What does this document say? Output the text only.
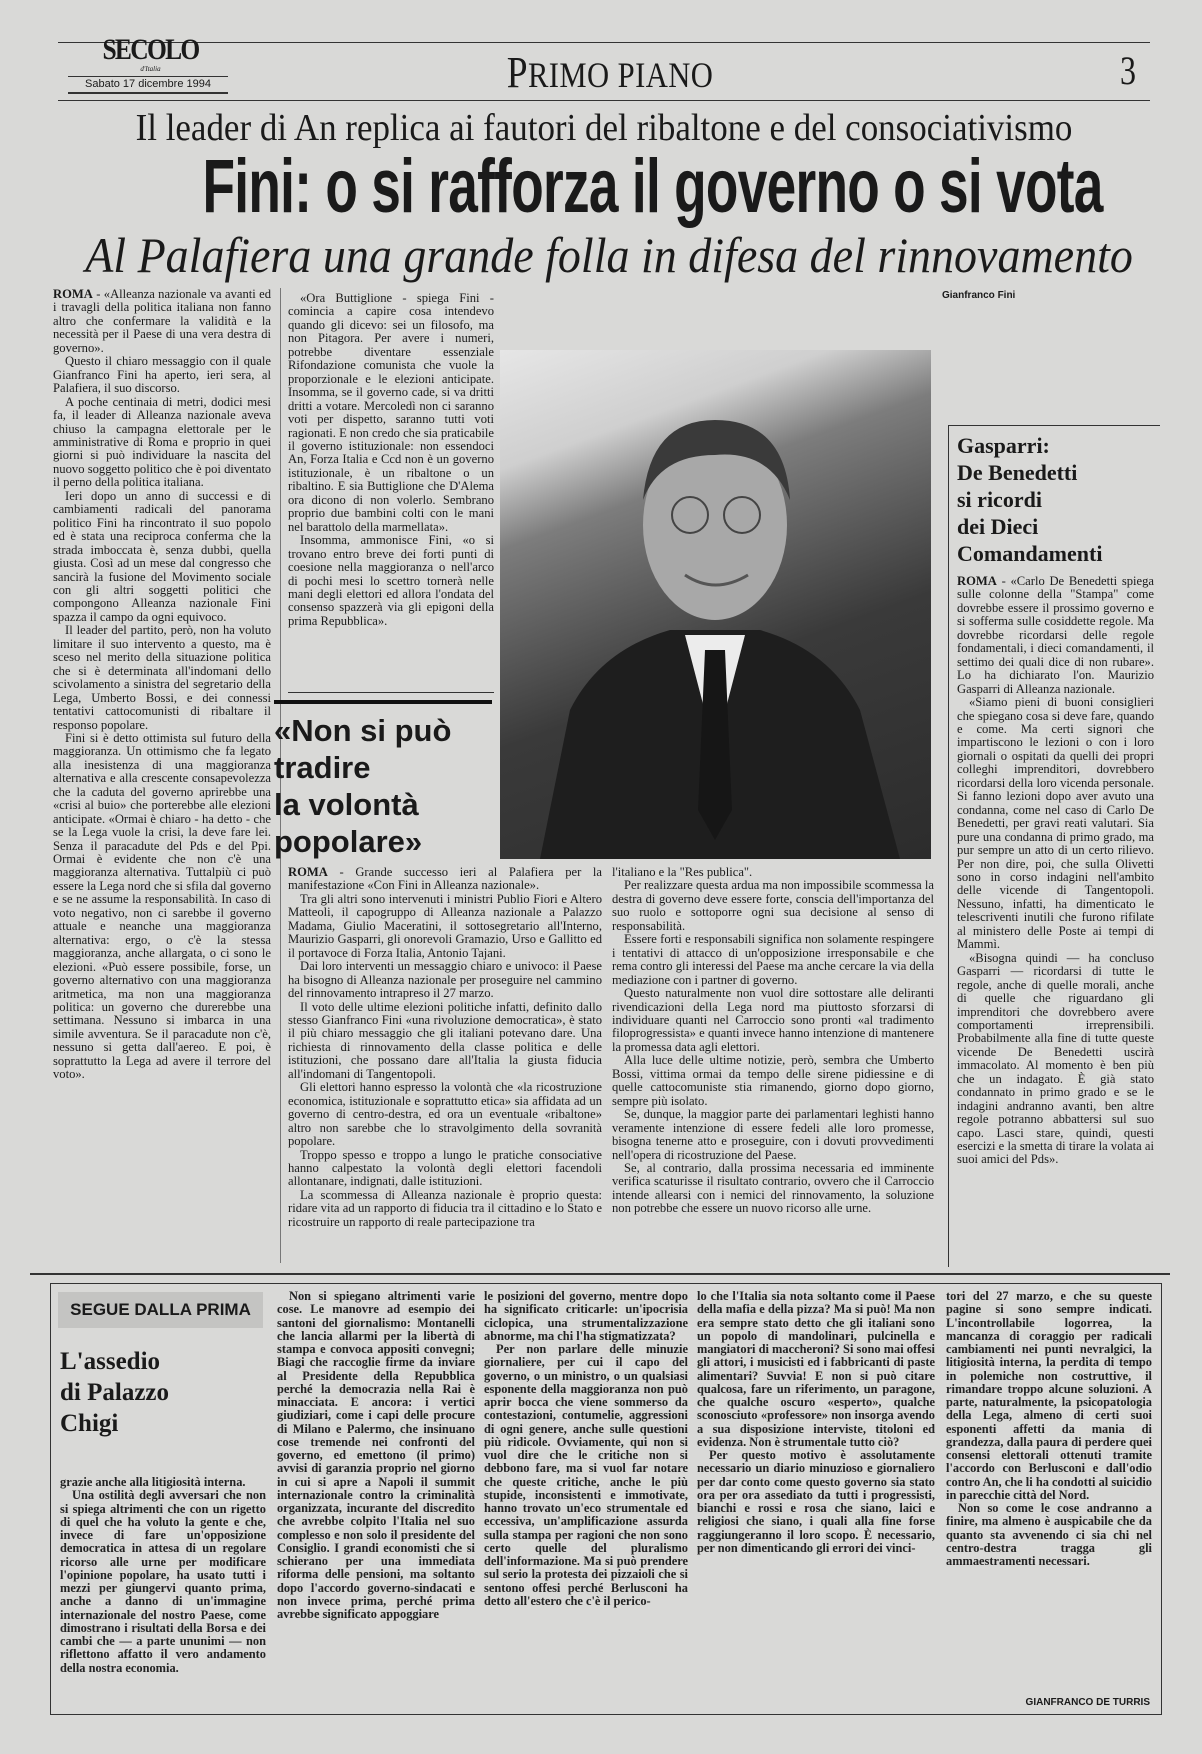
SECOLO
d'Italia
Sabato 17 dicembre 1994	PRIMO PIANO	3
Il leader di An replica ai fautori del ribaltone e del consociativismo
Fini: o si rafforza il governo o si vota
Al Palafiera una grande folla in difesa del rinnovamento

ROMA - «Alleanza nazionale va avanti ed i travagli della politica italiana non fanno altro che confermare la validità e la necessità per il Paese di una vera destra di governo».

Questo il chiaro messaggio con il quale Gianfranco Fini ha aperto, ieri sera, al Palafiera, il suo discorso.

A poche centinaia di metri, dodici mesi fa, il leader di Alleanza nazionale aveva chiuso la campagna elettorale per le amministrative di Roma e proprio in quei giorni si può individuare la nascita del nuovo soggetto politico che è poi diventato il perno della politica italiana.

Ieri dopo un anno di successi e di cambiamenti radicali del panorama politico Fini ha rincontrato il suo popolo ed è stata una reciproca conferma che la strada imboccata è, senza dubbi, quella giusta. Così ad un mese dal congresso che sancirà la fusione del Movimento sociale con gli altri soggetti politici che compongono Alleanza nazionale Fini spazza il campo da ogni equivoco.

Il leader del partito, però, non ha voluto limitare il suo intervento a questo, ma è sceso nel merito della situazione politica che si è determinata all'indomani dello scivolamento a sinistra del segretario della Lega, Umberto Bossi, e dei connessi tentativi cattocomunisti di ribaltare il responso popolare.

Fini si è detto ottimista sul futuro della maggioranza. Un ottimismo che fa legato alla inesistenza di una maggioranza alternativa e alla crescente consapevolezza che la caduta del governo aprirebbe una «crisi al buio» che porterebbe alle elezioni anticipate. «Ormai è chiaro - ha detto - che se la Lega vuole la crisi, la deve fare lei. Senza il paracadute del Pds e del Ppi. Ormai è evidente che non c'è una maggioranza alternativa. Tuttalpiù ci può essere la Lega nord che si sfila dal governo e se ne assume la responsabilità. In caso di voto negativo, non ci sarebbe il governo attuale e neanche una maggioranza alternativa: ergo, o c'è la stessa maggioranza, anche allargata, o ci sono le elezioni. «Può essere possibile, forse, un governo alternativo con una maggioranza aritmetica, ma non una maggioranza politica: un governo che durerebbe una settimana. Nessuno si imbarca in una simile avventura. Se il paracadute non c'è, nessuno si getta dall'aereo. E poi, è soprattutto la Lega ad avere il terrore del voto».

«Ora Buttiglione - spiega Fini - comincia a capire cosa intendevo quando gli dicevo: sei un filosofo, ma non Pitagora. Per avere i numeri, potrebbe diventare essenziale Rifondazione comunista che vuole la proporzionale e le elezioni anticipate. Insomma, se il governo cade, si va dritti dritti a votare. Mercoledì non ci saranno voti per dispetto, saranno tutti voti ragionati. E non credo che sia praticabile il governo istituzionale: non essendoci An, Forza Italia e Ccd non è un governo istituzionale, è un ribaltone o un ribaltino. E sia Buttiglione che D'Alema ora dicono di non volerlo. Sembrano proprio due bambini colti con le mani nel barattolo della marmellata».

Insomma, ammonisce Fini, «o si trovano entro breve dei forti punti di coesione nella maggioranza o nell'arco di pochi mesi lo scettro tornerà nelle mani degli elettori ed allora l'ondata del consenso spazzerà via gli epigoni della prima Repubblica».

Gianfranco Fini
«Non si può
tradire
la volontà
popolare»

ROMA - Grande successo ieri al Palafiera per la manifestazione «Con Fini in Alleanza nazionale».

Tra gli altri sono intervenuti i ministri Publio Fiori e Altero Matteoli, il capogruppo di Alleanza nazionale a Palazzo Madama, Giulio Maceratini, il sottosegretario all'Interno, Maurizio Gasparri, gli onorevoli Gramazio, Urso e Gallitto ed il portavoce di Forza Italia, Antonio Tajani.

Dai loro interventi un messaggio chiaro e univoco: il Paese ha bisogno di Alleanza nazionale per proseguire nel cammino del rinnovamento intrapreso il 27 marzo.

Il voto delle ultime elezioni politiche infatti, definito dallo stesso Gianfranco Fini «una rivoluzione democratica», è stato il più chiaro messaggio che gli italiani potevano dare. Una richiesta di rinnovamento della classe politica e delle istituzioni, che possano dare all'Italia la giusta fiducia all'indomani di Tangentopoli.

Gli elettori hanno espresso la volontà che «la ricostruzione economica, istituzionale e soprattutto etica» sia affidata ad un governo di centro-destra, ed ora un eventuale «ribaltone» altro non sarebbe che lo stravolgimento della sovranità popolare.

Troppo spesso e troppo a lungo le pratiche consociative hanno calpestato la volontà degli elettori facendoli allontanare, indignati, dalle istituzioni.

La scommessa di Alleanza nazionale è proprio questa: ridare vita ad un rapporto di fiducia tra il cittadino e lo Stato e ricostruire un rapporto di reale partecipazione tra

l'italiano e la "Res publica".

Per realizzare questa ardua ma non impossibile scommessa la destra di governo deve essere forte, conscia dell'importanza del suo ruolo e sottoporre ogni sua decisione al senso di responsabilità.

Essere forti e responsabili significa non solamente respingere i tentativi di attacco di un'opposizione irresponsabile e che rema contro gli interessi del Paese ma anche cercare la via della mediazione con i partner di governo.

Questo naturalmente non vuol dire sottostare alle deliranti rivendicazioni della Lega nord ma piuttosto sforzarsi di individuare quanti nel Carroccio sono pronti «al tradimento filoprogressista» e quanti invece hanno intenzione di mantenere la promessa data agli elettori.

Alla luce delle ultime notizie, però, sembra che Umberto Bossi, vittima ormai da tempo delle sirene pidiessine e di quelle cattocomuniste stia rimanendo, giorno dopo giorno, sempre più isolato.

Se, dunque, la maggior parte dei parlamentari leghisti hanno veramente intenzione di essere fedeli alle loro promesse, bisogna tenerne atto e proseguire, con i dovuti provvedimenti nell'opera di ricostruzione del Paese.

Se, al contrario, dalla prossima necessaria ed imminente verifica scaturisse il risultato contrario, ovvero che il Carroccio intende allearsi con i nemici del rinnovamento, la soluzione non potrebbe che essere un nuovo ricorso alle urne.

Gasparri:
De Benedetti
si ricordi
dei Dieci
Comandamenti

ROMA - «Carlo De Benedetti spiega sulle colonne della "Stampa" come dovrebbe essere il prossimo governo e si sofferma sulle cosiddette regole. Ma dovrebbe ricordarsi delle regole fondamentali, i dieci comandamenti, il settimo dei quali dice di non rubare». Lo ha dichiarato l'on. Maurizio Gasparri di Alleanza nazionale.

«Siamo pieni di buoni consiglieri che spiegano cosa si deve fare, quando e come. Ma certi signori che impartiscono le lezioni o con i loro giornali o ospitati da quelli dei propri colleghi imprenditori, dovrebbero ricordarsi della loro vicenda personale. Si fanno lezioni dopo aver avuto una condanna, come nel caso di Carlo De Benedetti, per gravi reati valutari. Sia pure una condanna di primo grado, ma pur sempre un atto di un certo rilievo. Per non dire, poi, che sulla Olivetti sono in corso indagini nell'ambito delle vicende di Tangentopoli. Nessuno, infatti, ha dimenticato le telescriventi inutili che furono rifilate al ministero delle Poste ai tempi di Mammì.

«Bisogna quindi — ha concluso Gasparri — ricordarsi di tutte le regole, anche di quelle morali, anche di quelle che riguardano gli imprenditori che dovrebbero avere comportamenti irreprensibili. Probabilmente alla fine di tutte queste vicende De Benedetti uscirà immacolato. Al momento è ben più che un indagato. È già stato condannato in primo grado e se le indagini andranno avanti, ben altre regole potranno abbattersi sul suo capo. Lasci stare, quindi, questi esercizi e la smetta di tirare la volata ai suoi amici del Pds».

SEGUE DALLA PRIMA
L'assedio
di Palazzo
Chigi

grazie anche alla litigiosità interna.

Una ostilità degli avversari che non si spiega altrimenti che con un rigetto di quel che ha voluto la gente e che, invece di fare un'opposizione democratica in attesa di un regolare ricorso alle urne per modificare l'opinione popolare, ha usato tutti i mezzi per giungervi quanto prima, anche a danno di un'immagine internazionale del nostro Paese, come dimostrano i risultati della Borsa e dei cambi che — a parte ununimi — non riflettono affatto il vero andamento della nostra economia.

Non si spiegano altrimenti varie cose. Le manovre ad esempio dei santoni del giornalismo: Montanelli che lancia allarmi per la libertà di stampa e convoca appositi convegni; Biagi che raccoglie firme da inviare al Presidente della Repubblica perché la democrazia nella Rai è minacciata. E ancora: i vertici giudiziari, come i capi delle procure di Milano e Palermo, che insinuano cose tremende nei confronti del governo, ed emettono (il primo) avvisi di garanzia proprio nel giorno in cui si apre a Napoli il summit internazionale contro la criminalità organizzata, incurante del discredito che avrebbe colpito l'Italia nel suo complesso e non solo il presidente del Consiglio. I grandi economisti che si schierano per una immediata riforma delle pensioni, ma soltanto dopo l'accordo governo-sindacati e non invece prima, perché prima avrebbe significato appoggiare

le posizioni del governo, mentre dopo ha significato criticarle: un'ipocrisia ciclopica, una strumentalizzazione abnorme, ma chi l'ha stigmatizzata?

Per non parlare delle minuzie giornaliere, per cui il capo del governo, o un ministro, o un qualsiasi esponente della maggioranza non può aprir bocca che viene sommerso da contestazioni, contumelie, aggressioni di ogni genere, anche sulle questioni più ridicole. Ovviamente, qui non si vuol dire che le critiche non si debbono fare, ma si vuol far notare che queste critiche, anche le più stupide, inconsistenti e immotivate, hanno trovato un'eco strumentale ed eccessiva, un'amplificazione assurda sulla stampa per ragioni che non sono certo quelle del pluralismo dell'informazione. Ma si può prendere sul serio la protesta dei pizzaioli che si sentono offesi perché Berlusconi ha detto all'estero che c'è il perico-

lo che l'Italia sia nota soltanto come il Paese della mafia e della pizza? Ma si può! Ma non era sempre stato detto che gli italiani sono un popolo di mandolinari, pulcinella e mangiatori di maccheroni? Si sono mai offesi gli attori, i musicisti ed i fabbricanti di paste alimentari? Suvvia! E non si può citare qualcosa, fare un riferimento, un paragone, che qualche oscuro «esperto», qualche sconosciuto «professore» non insorga avendo a sua disposizione interviste, titoloni ed evidenza. Non è strumentale tutto ciò?

Per questo motivo è assolutamente necessario un diario minuzioso e giornaliero per dar conto come questo governo sia stato ora per ora assediato da tutti i progressisti, bianchi e rossi e rosa che siano, laici e religiosi che siano, i quali alla fine forse raggiungeranno il loro scopo. È necessario, per non dimenticando gli errori dei vinci-

tori del 27 marzo, e che su queste pagine si sono sempre indicati. L'incontrollabile logorrea, la mancanza di coraggio per radicali cambiamenti nei punti nevralgici, la litigiosità interna, la perdita di tempo in polemiche non costruttive, il rimandare troppo alcune soluzioni. A parte, naturalmente, la psicopatologia della Lega, almeno di certi suoi esponenti affetti da mania di grandezza, dalla paura di perdere quei consensi elettorali ottenuti tramite l'accordo con Berlusconi e dall'odio contro An, che li ha condotti al suicidio in parecchie città del Nord.

Non so come le cose andranno a finire, ma almeno è auspicabile che da quanto sta avvenendo ci sia chi nel centro-destra tragga gli ammaestramenti necessari.

GIANFRANCO DE TURRIS
